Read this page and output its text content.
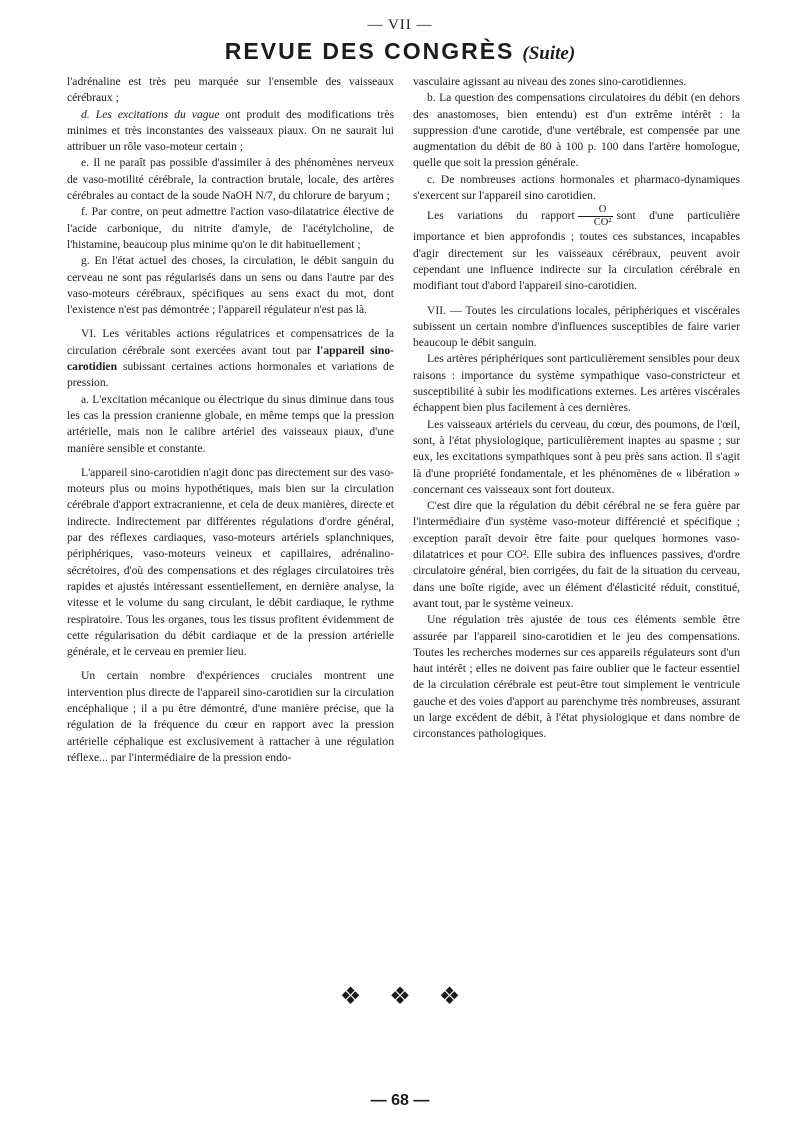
— VII —
REVUE DES CONGRÈS (Suite)

l'adrénaline est très peu marquée sur l'ensemble des vaisseaux cérébraux ;

d. Les excitations du vague ont produit des modifications très minimes et très inconstantes des vaisseaux piaux. On ne saurait lui attribuer un rôle vaso-moteur certain ;

e. Il ne paraît pas possible d'assimiler à des phénomènes nerveux de vaso-motilité cérébrale, la contraction brutale, locale, des artères cérébrales au contact de la soude NaOH N/7, du chlorure de baryum ;

f. Par contre, on peut admettre l'action vaso-dilatatrice élective de l'acide carbonique, du nitrite d'amyle, de l'acétylcholine, de l'histamine, beaucoup plus minime qu'on le dit habituellement ;

g. En l'état actuel des choses, la circulation, le débit sanguin du cerveau ne sont pas régularisés dans un sens ou dans l'autre par des vaso-moteurs cérébraux, spécifiques au sens exact du mot, dont l'existence n'est pas démontrée ; l'appareil régulateur n'est pas là.

VI. Les véritables actions régulatrices et compensatrices de la circulation cérébrale sont exercées avant tout par l'appareil sino-carotidien subissant certaines actions hormonales et variations de pression.

a. L'excitation mécanique ou électrique du sinus diminue dans tous les cas la pression cranienne globale, en même temps que la pression artérielle, mais non le calibre artériel des vaisseaux piaux, d'une manière sensible et constante.

L'appareil sino-carotidien n'agit donc pas directement sur des vaso-moteurs plus ou moins hypothétiques, mais bien sur la circulation cérébrale d'apport extracranienne, et cela de deux manières, directe et indirecte. Indirectement par différentes régulations d'ordre général, par des réflexes cardiaques, vaso-moteurs artériels splanchniques, périphériques, vaso-moteurs veineux et capillaires, adrénalino-sécrétoires, d'où des compensations et des réglages circulatoires très rapides et ajustés intéressant essentiellement, en dernière analyse, la vitesse et le volume du sang circulant, le débit cardiaque, le rythme respiratoire. Tous les organes, tous les tissus profitent évidemment de cette régularisation du débit cardiaque et de la pression artérielle générale, et le cerveau en premier lieu.

Un certain nombre d'expériences cruciales montrent une intervention plus directe de l'appareil sino-carotidien sur la circulation encéphalique ; il a pu être démontré, d'une manière précise, que la régulation de la fréquence du cœur en rapport avec la pression artérielle céphalique est exclusivement à rattacher à une régulation réflexe... par l'intermédiaire de la pression endo-

vasculaire agissant au niveau des zones sino-carotidiennes.

b. La question des compensations circulatoires du débit (en dehors des anastomoses, bien entendu) est d'un extrême intérêt : la suppression d'une carotide, d'une vertébrale, est compensée par une augmentation du débit de 80 à 100 p. 100 dans l'artère homologue, quelle que soit la pression générale.

c. De nombreuses actions hormonales et pharmaco-dynamiques s'exercent sur l'appareil sino carotidien.

Les variations du rapport $\frac{O}{\text{CO²}}$ sont d'une particulière importance et bien approfondis ; toutes ces substances, incapables d'agir directement sur les vaisseaux cérébraux, peuvent avoir cependant une influence indirecte sur la circulation cérébrale en modifiant tout d'abord l'appareil sino-carotidien.

VII. — Toutes les circulations locales, périphériques et viscérales subissent un certain nombre d'influences susceptibles de faire varier beaucoup le débit sanguin.

Les artères périphériques sont particulièrement sensibles pour deux raisons : importance du système sympathique vaso-constricteur et susceptibilité à subir les modifications externes. Les artères viscérales échappent bien plus facilement à ces dernières.

Les vaisseaux artériels du cerveau, du cœur, des poumons, de l'œil, sont, à l'état physiologique, particulièrement inaptes au spasme ; sur eux, les excitations sympathiques sont à peu près sans action. Il s'agit là d'une propriété fondamentale, et les phénomènes de « libération » concernant ces vaisseaux sont fort douteux.

C'est dire que la régulation du débit cérébral ne se fera guère par l'intermédiaire d'un système vaso-moteur différencié et spécifique ; exception paraît devoir être faite pour quelques hormones vaso-dilatatrices et pour CO². Elle subira des influences passives, d'ordre circulatoire général, bien corrigées, du fait de la situation du cerveau, dans une boîte rigide, avec un élément d'élasticité réduit, constitué, avant tout, par le système veineux.

Une régulation très ajustée de tous ces éléments semble être assurée par l'appareil sino-carotidien et le jeu des compensations. Toutes les recherches modernes sur ces appareils régulateurs sont d'un haut intérêt ; elles ne doivent pas faire oublier que le facteur essentiel de la circulation cérébrale est peut-être tout simplement le ventricule gauche et des voies d'apport au parenchyme très nombreuses, assurant un large excédent de débit, à l'état physiologique et dans nombre de circonstances pathologiques.

❖ ❖ ❖
— 68 —
